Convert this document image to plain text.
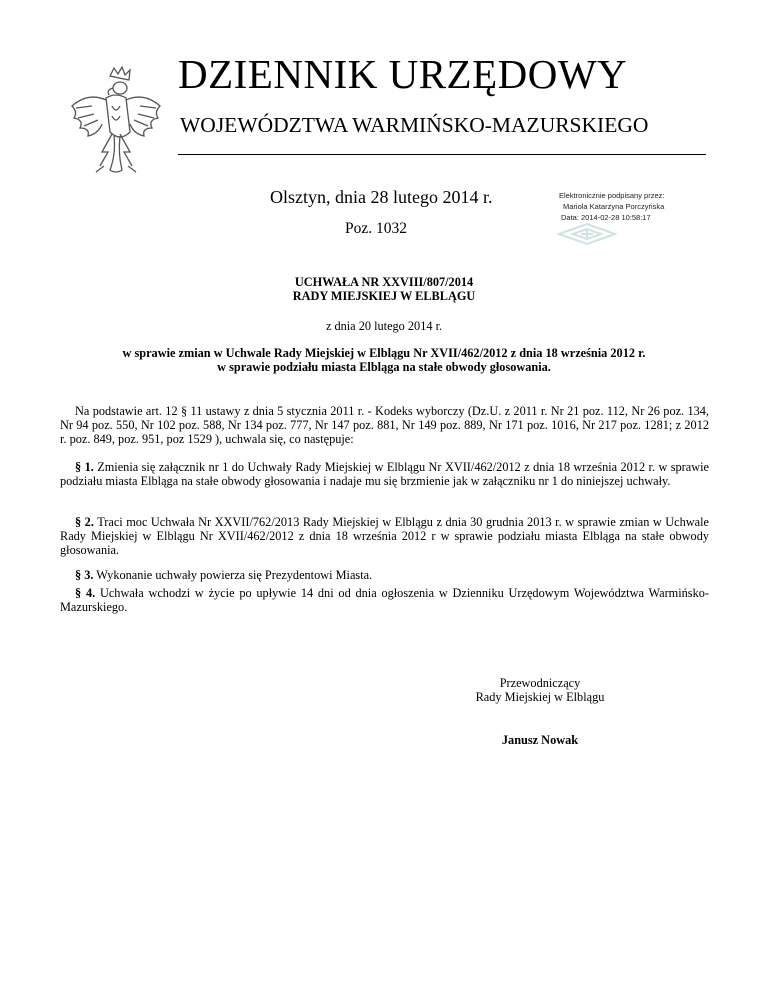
DZIENNIK URZĘDOWY
WOJEWÓDZTWA WARMIŃSKO-MAZURSKIEGO
Olsztyn, dnia 28 lutego 2014 r.
Poz. 1032
Elektronicznie podpisany przez:
Mariola Katarzyna Porczyńska
Data: 2014-02-28 10:58:17
UCHWAŁA NR XXVIII/807/2014
RADY MIEJSKIEJ W ELBLĄGU
z dnia 20 lutego 2014 r.
w sprawie zmian w Uchwale Rady Miejskiej w Elblągu Nr XVII/462/2012 z dnia 18 września 2012 r.
w sprawie podziału miasta Elbląga na stałe obwody głosowania.
Na podstawie art. 12 § 11 ustawy z dnia 5 stycznia 2011 r. - Kodeks wyborczy (Dz.U. z 2011 r. Nr 21 poz. 112, Nr 26 poz. 134, Nr 94 poz. 550, Nr 102 poz. 588, Nr 134 poz. 777, Nr 147 poz. 881, Nr 149 poz. 889, Nr 171 poz. 1016, Nr 217 poz. 1281; z 2012 r. poz. 849, poz. 951, poz 1529 ), uchwala się, co następuje:
§ 1. Zmienia się załącznik nr 1 do Uchwały Rady Miejskiej w Elblągu Nr XVII/462/2012 z dnia 18 września 2012 r. w sprawie podziału miasta Elbląga na stałe obwody głosowania i nadaje mu się brzmienie jak w załączniku nr 1 do niniejszej uchwały.
§ 2. Traci moc Uchwała Nr XXVII/762/2013 Rady Miejskiej w Elblągu z dnia 30 grudnia 2013 r. w sprawie zmian w Uchwale Rady Miejskiej w Elblągu Nr XVII/462/2012 z dnia 18 września 2012 r w sprawie podziału miasta Elbląga na stałe obwody głosowania.
§ 3. Wykonanie uchwały powierza się Prezydentowi Miasta.
§ 4. Uchwała wchodzi w życie po upływie 14 dni od dnia ogłoszenia w Dzienniku Urzędowym Województwa Warmińsko-Mazurskiego.
Przewodniczący
Rady Miejskiej w Elblągu
Janusz Nowak
